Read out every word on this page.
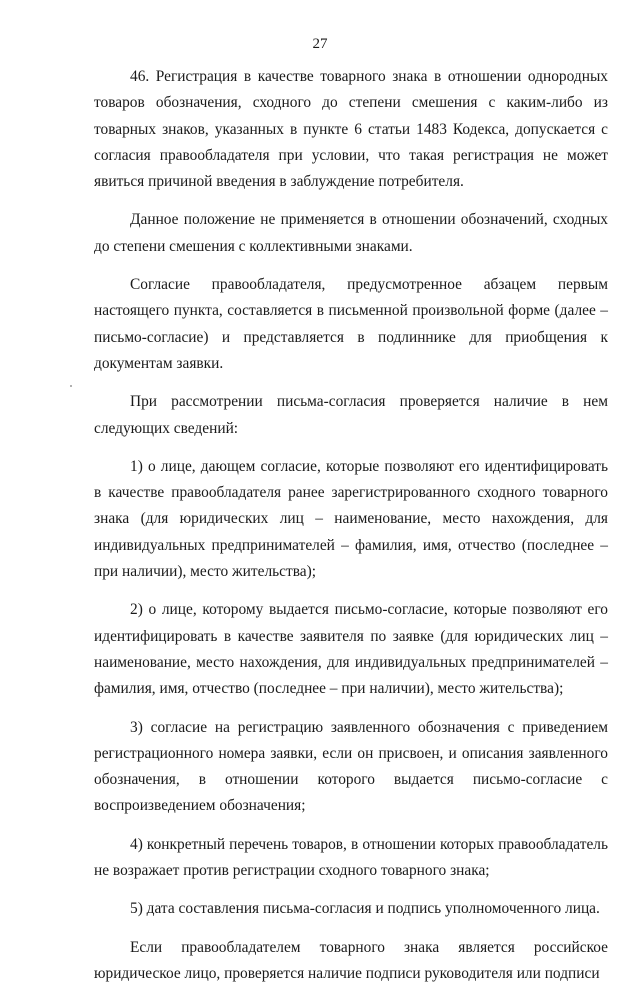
27

46. Регистрация в качестве товарного знака в отношении однородных товаров обозначения, сходного до степени смешения с каким-либо из товарных знаков, указанных в пункте 6 статьи 1483 Кодекса, допускается с согласия правообладателя при условии, что такая регистрация не может явиться причиной введения в заблуждение потребителя.

Данное положение не применяется в отношении обозначений, сходных до степени смешения с коллективными знаками.

Согласие правообладателя, предусмотренное абзацем первым настоящего пункта, составляется в письменной произвольной форме (далее – письмо-согласие) и представляется в подлиннике для приобщения к документам заявки.

При рассмотрении письма-согласия проверяется наличие в нем следующих сведений:

1) о лице, дающем согласие, которые позволяют его идентифицировать в качестве правообладателя ранее зарегистрированного сходного товарного знака (для юридических лиц – наименование, место нахождения, для индивидуальных предпринимателей – фамилия, имя, отчество (последнее – при наличии), место жительства);

2) о лице, которому выдается письмо-согласие, которые позволяют его идентифицировать в качестве заявителя по заявке (для юридических лиц – наименование, место нахождения, для индивидуальных предпринимателей – фамилия, имя, отчество (последнее – при наличии), место жительства);

3) согласие на регистрацию заявленного обозначения с приведением регистрационного номера заявки, если он присвоен, и описания заявленного обозначения, в отношении которого выдается письмо-согласие с воспроизведением обозначения;

4) конкретный перечень товаров, в отношении которых правообладатель не возражает против регистрации сходного товарного знака;

5) дата составления письма-согласия и подпись уполномоченного лица.

Если правообладателем товарного знака является российское юридическое лицо, проверяется наличие подписи руководителя или подписи
